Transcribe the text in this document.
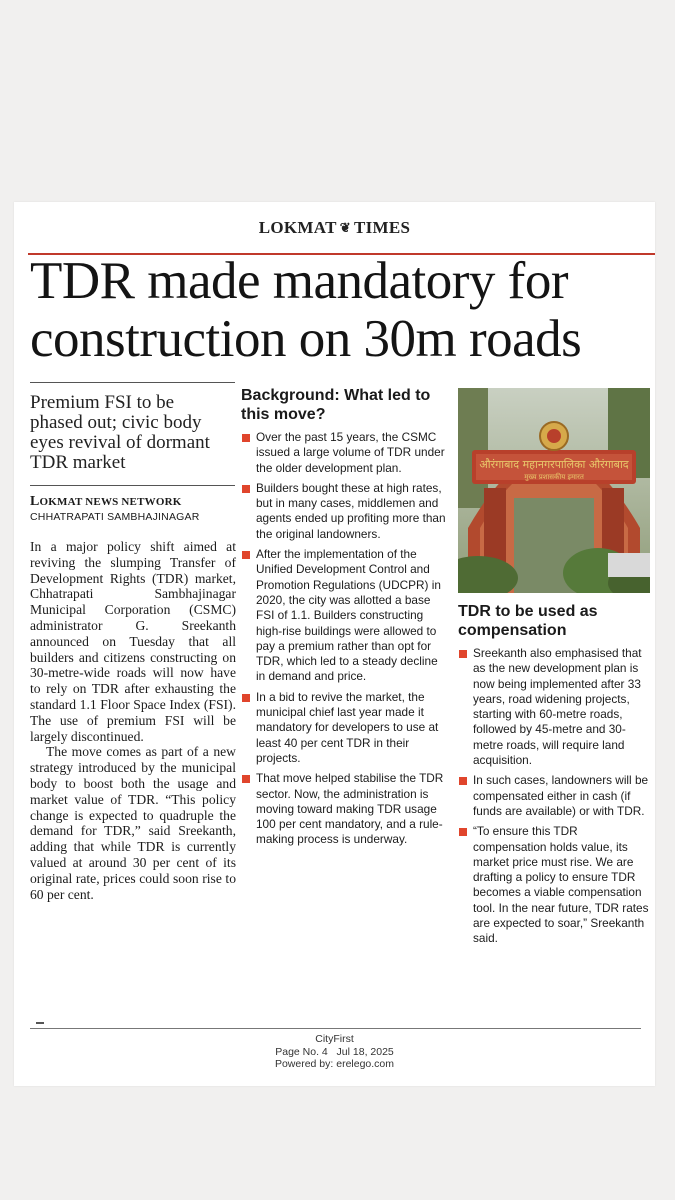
LOKMAT ❦ TIMES
TDR made mandatory for
construction on 30m roads
Premium FSI to be phased out; civic body eyes revival of dormant TDR market
LOKMAT NEWS NETWORK
CHHATRAPATI SAMBHAJINAGAR

In a major policy shift aimed at reviving the slumping Transfer of Development Rights (TDR) market, Chhatrapati Sambhajinagar Municipal Corporation (CSMC) administrator G. Sreekanth announced on Tuesday that all builders and citizens constructing on 30-metre-wide roads will now have to rely on TDR after exhausting the standard 1.1 Floor Space Index (FSI). The use of premium FSI will be largely discontinued.

The move comes as part of a new strategy introduced by the municipal body to boost both the usage and market value of TDR. “This policy change is expected to quadruple the demand for TDR,” said Sreekanth, adding that while TDR is currently valued at around 30 per cent of its original rate, prices could soon rise to 60 per cent.

Background: What led to this move?
Over the past 15 years, the CSMC issued a large volume of TDR under the older development plan.
Builders bought these at high rates, but in many cases, middlemen and agents ended up profiting more than the original landowners.
After the implementation of the Unified Development Control and Promotion Regulations (UDCPR) in 2020, the city was allotted a base FSI of 1.1. Builders constructing high-rise buildings were allowed to pay a premium rather than opt for TDR, which led to a steady decline in demand and price.
In a bid to revive the market, the municipal chief last year made it mandatory for developers to use at least 40 per cent TDR in their projects.
That move helped stabilise the TDR sector. Now, the administration is moving toward making TDR usage 100 per cent mandatory, and a rule-making process is underway.
औरंगाबाद महानगरपालिका औरंगाबाद
मुख्य प्रशासकीय इमारत
TDR to be used as compensation
Sreekanth also emphasised that as the new development plan is now being implemented after 33 years, road widening projects, starting with 60-metre roads, followed by 45-metre and 30-metre roads, will require land acquisition.
In such cases, landowners will be compensated either in cash (if funds are available) or with TDR.
“To ensure this TDR compensation holds value, its market price must rise. We are drafting a policy to ensure TDR becomes a viable compensation tool. In the near future, TDR rates are expected to soar,” Sreekanth said.
CityFirst
Page No. 4 Jul 18, 2025
Powered by: erelego.com
